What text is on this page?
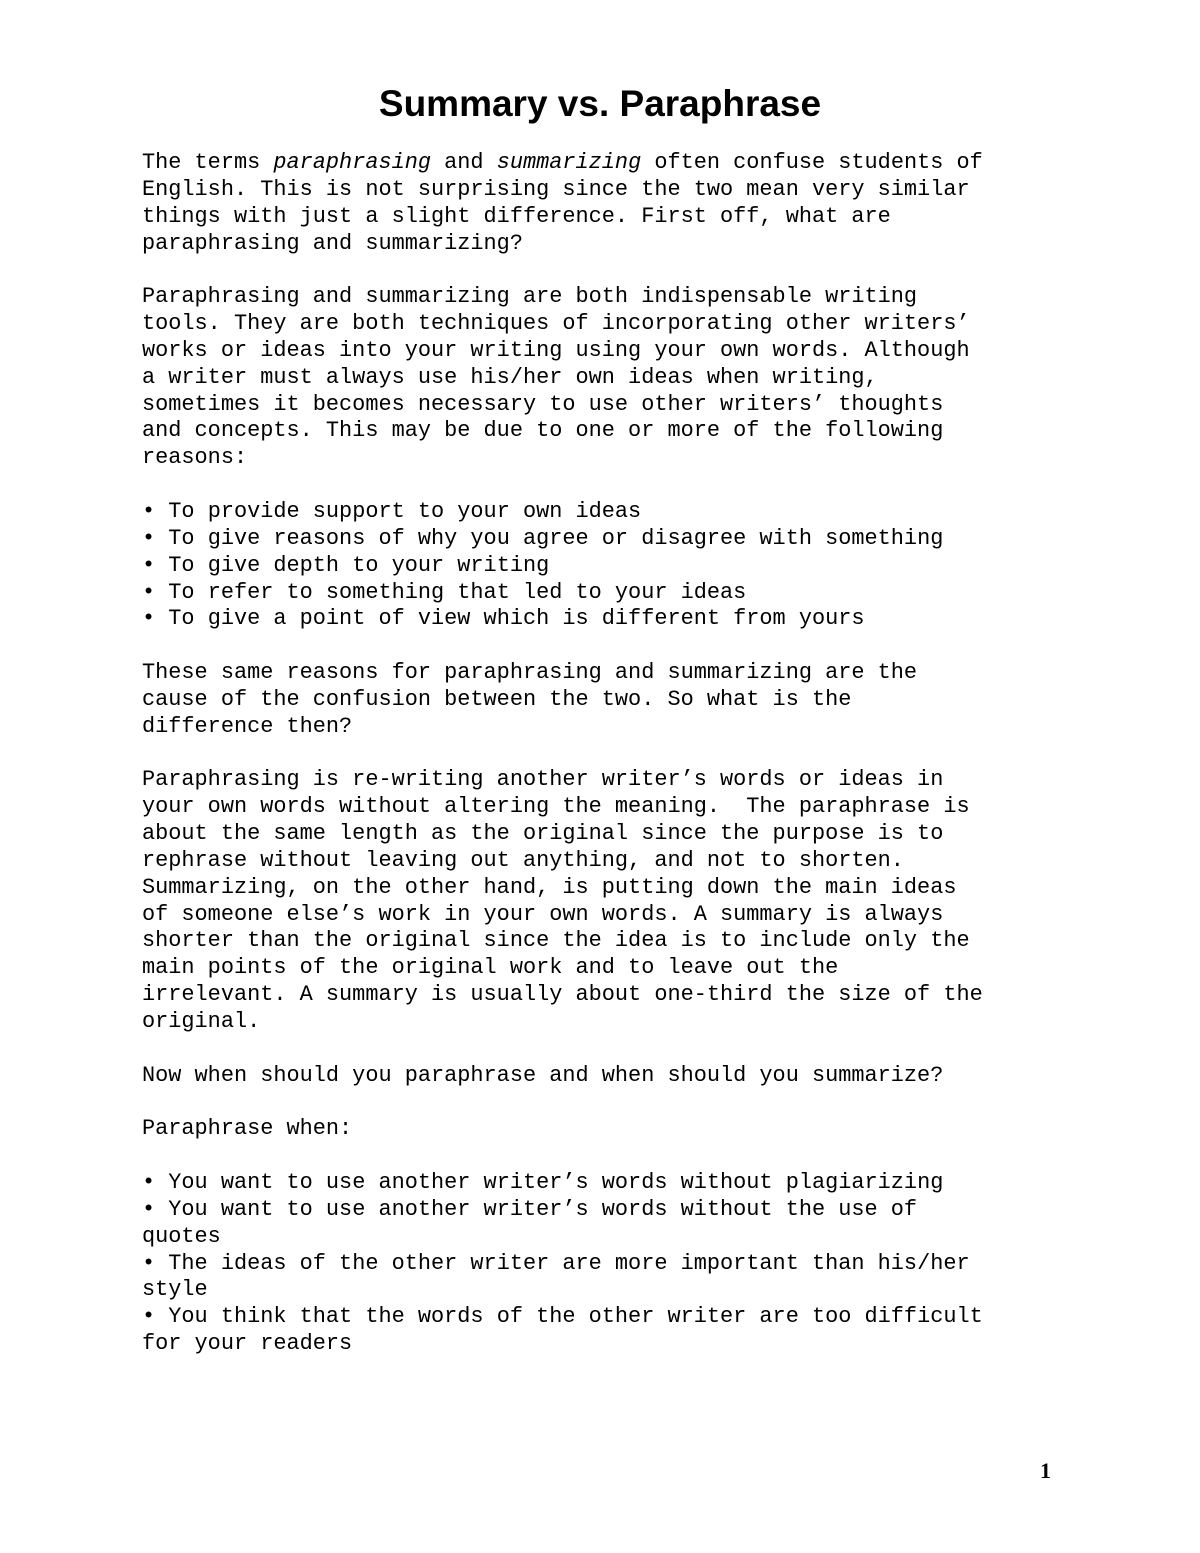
Summary vs. Paraphrase

The terms paraphrasing and summarizing often confuse students of
English. This is not surprising since the two mean very similar
things with just a slight difference. First off, what are
paraphrasing and summarizing?

Paraphrasing and summarizing are both indispensable writing
tools. They are both techniques of incorporating other writers’
works or ideas into your writing using your own words. Although
a writer must always use his/her own ideas when writing,
sometimes it becomes necessary to use other writers’ thoughts
and concepts. This may be due to one or more of the following
reasons:

• To provide support to your own ideas
• To give reasons of why you agree or disagree with something
• To give depth to your writing
• To refer to something that led to your ideas
• To give a point of view which is different from yours

These same reasons for paraphrasing and summarizing are the
cause of the confusion between the two. So what is the
difference then?

Paraphrasing is re-writing another writer’s words or ideas in
your own words without altering the meaning.  The paraphrase is
about the same length as the original since the purpose is to
rephrase without leaving out anything, and not to shorten.
Summarizing, on the other hand, is putting down the main ideas
of someone else’s work in your own words. A summary is always
shorter than the original since the idea is to include only the
main points of the original work and to leave out the
irrelevant. A summary is usually about one-third the size of the
original.

Now when should you paraphrase and when should you summarize?

Paraphrase when:

• You want to use another writer’s words without plagiarizing
• You want to use another writer’s words without the use of
quotes
• The ideas of the other writer are more important than his/her
style
• You think that the words of the other writer are too difficult
for your readers
1
